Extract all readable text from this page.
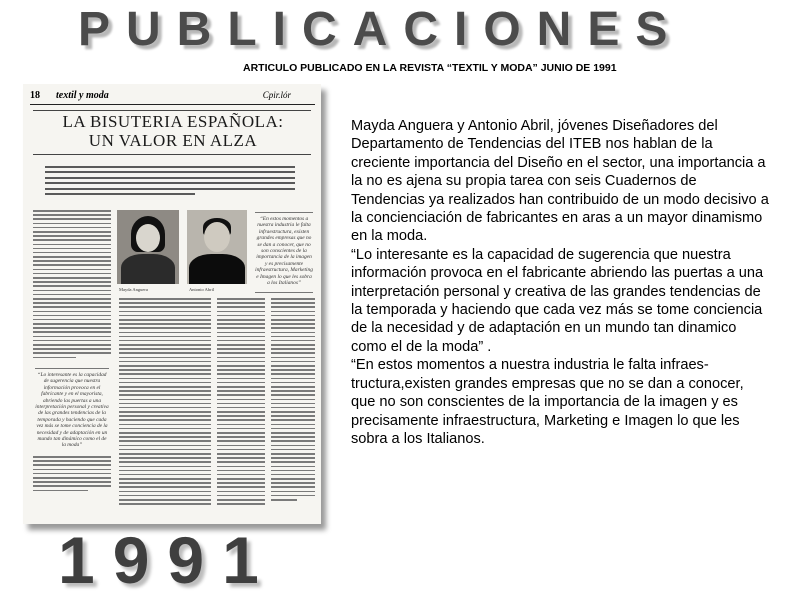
PUBLICACIONES
ARTICULO PUBLICADO EN LA REVISTA “TEXTIL Y MODA” JUNIO DE 1991
18 textil y moda	Cpir.lór
LA BISUTERIA ESPAÑOLA:
UN VALOR EN ALZA
“Lo interesante es la capacidad de sugerencia que nuestra información provoca en el fabricante y en el mayorista, abriendo las puertas a una interpretación personal y creativa de las grandes tendencias de la temporada y haciendo que cada vez más se tome conciencia de la necesidad y de adaptación en un mundo tan dinámico como el de la moda”
Mayda Anguera	Antonio Abril
“En estos momentos a nuestra industria le falta infraestructura, existen grandes empresas que no se dan a conocer, que no son conscientes de la importancia de la imagen y es precisamente infraestructura, Marketing e Imagen lo que les sobra a los Italianos”

Mayda Anguera y Antonio Abril, jóvenes Diseñadores del Departamento de Tendencias del ITEB nos hablan de la creciente importancia del Diseño en el sector, una importancia a la no es ajena su propia tarea con seis Cuadernos de Tendencias ya realizados han contribuido de un modo decisivo a la concienciación de fabricantes en aras a un mayor dinamismo en la moda.

“Lo interesante es la capacidad de sugerencia que nuestra información provoca en el fabricante abriendo las puertas a una interpretación personal y creativa de las grandes tendencias de la temporada y haciendo que cada vez más se tome conciencia de la necesidad y de adaptación en un mundo tan dinamico como el de la moda” .

“En estos momentos a nuestra industria le falta infraes-tructura,existen grandes empresas que no se dan a conocer, que no son conscientes de la importancia de la imagen y es precisamente infraestructura, Marketing e Imagen lo que les sobra a los Italianos.

1991
